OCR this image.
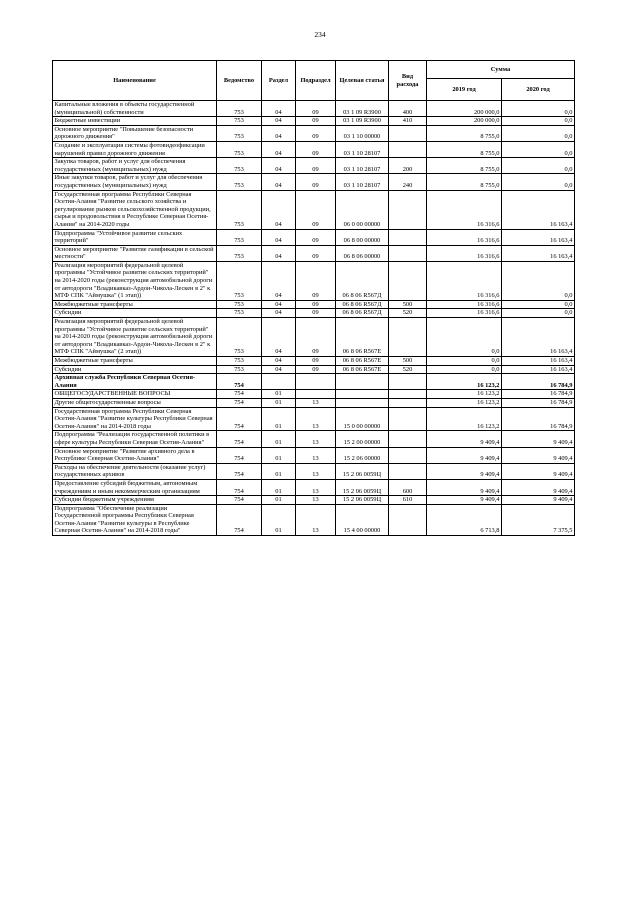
234
Наименование	Ведомство	Раздел	Подраздел	Целевая статья	Вид расхода	Сумма	
						2019 год	2020 год
Капитальные вложения в объекты государственной (муниципальной) собственности	753	04	09	03 1 09 R3900	400	200 000,0	0,0
Бюджетные инвестиции	753	04	09	03 1 09 R3900	410	200 000,0	0,0
Основное мероприятие "Повышение безопасности дорожного движения"	753	04	09	03 1 10 00000		8 755,0	0,0
Создание и эксплуатация системы фотовидеофиксации нарушений правил дорожного движения	753	04	09	03 1 10 28107		8 755,0	0,0
Закупка товаров, работ и услуг для обеспечения государственных (муниципальных) нужд	753	04	09	03 1 10 28107	200	8 755,0	0,0
Иные закупки товаров, работ и услуг для обеспечения государственных (муниципальных) нужд	753	04	09	03 1 10 28107	240	8 755,0	0,0
Государственная программа Республики Северная Осетия-Алания "Развитие сельского хозяйства и регулирование рынков сельскохозяйственной продукции, сырья и продовольствия в Республике Северная Осетия-Алания" на 2014-2020 годы	753	04	09	06 0 00 00000		16 316,6	16 163,4
Подпрограмма "Устойчивое развитие сельских территорий"	753	04	09	06 8 00 00000		16 316,6	16 163,4
Основное мероприятие "Развитие газификации в сельской местности"	753	04	09	06 8 06 00000		16 316,6	16 163,4
Реализация мероприятий федеральной целевой программы "Устойчивое развитие сельских территорий" на 2014-2020 годы (реконструкция автомобильной дороги от автодороги "Владикавказ-Ардон-Чикола-Лескен в 2" к МТФ СПК "Аймушка" (1 этап))	753	04	09	06 8 06 R567Д		16 316,6	0,0
Межбюджетные трансферты	753	04	09	06 8 06 R567Д	500	16 316,6	0,0
Субсидии	753	04	09	06 8 06 R567Д	520	16 316,6	0,0
Реализация мероприятий федеральной целевой программы "Устойчивое развитие сельских территорий" на 2014-2020 годы (реконструкция автомобильной дороги от автодороги "Владикавказ-Ардон-Чикола-Лескен в 2" к МТФ СПК "Аймушка" (2 этап))	753	04	09	06 8 06 R567Е		0,0	16 163,4
Межбюджетные трансферты	753	04	09	06 8 06 R567Е	500	0,0	16 163,4
Субсидии	753	04	09	06 8 06 R567Е	520	0,0	16 163,4
Архивная служба Республики Северная Осетия-Алания	754					16 123,2	16 784,9
ОБЩЕГОСУДАРСТВЕННЫЕ ВОПРОСЫ	754	01				16 123,2	16 784,9
Другие общегосударственные вопросы	754	01	13			16 123,2	16 784,9
Государственная программа Республики Северная Осетия-Алания "Развитие культуры Республики Северная Осетия-Алания" на 2014-2018 годы	754	01	13	15 0 00 00000		16 123,2	16 784,9
Подпрограмма "Реализация государственной политики в сфере культуры Республики Северная Осетия-Алания"	754	01	13	15 2 00 00000		9 409,4	9 409,4
Основное мероприятие "Развитие архивного дела в Республике Северная Осетия-Алания"	754	01	13	15 2 06 00000		9 409,4	9 409,4
Расходы на обеспечение деятельности (оказание услуг) государственных архивов	754	01	13	15 2 06 0059Ц		9 409,4	9 409,4
Предоставление субсидий бюджетным, автономным учреждениям и иным некоммерческим организациям	754	01	13	15 2 06 0059Ц	600	9 409,4	9 409,4
Субсидии бюджетным учреждениям	754	01	13	15 2 06 0059Ц	610	9 409,4	9 409,4
Подпрограмма "Обеспечение реализации Государственной программы Республики Северная Осетия-Алания "Развитие культуры в Республике Северная Осетия-Алания" на 2014-2018 годы"	754	01	13	15 4 00 00000		6 713,8	7 375,5
